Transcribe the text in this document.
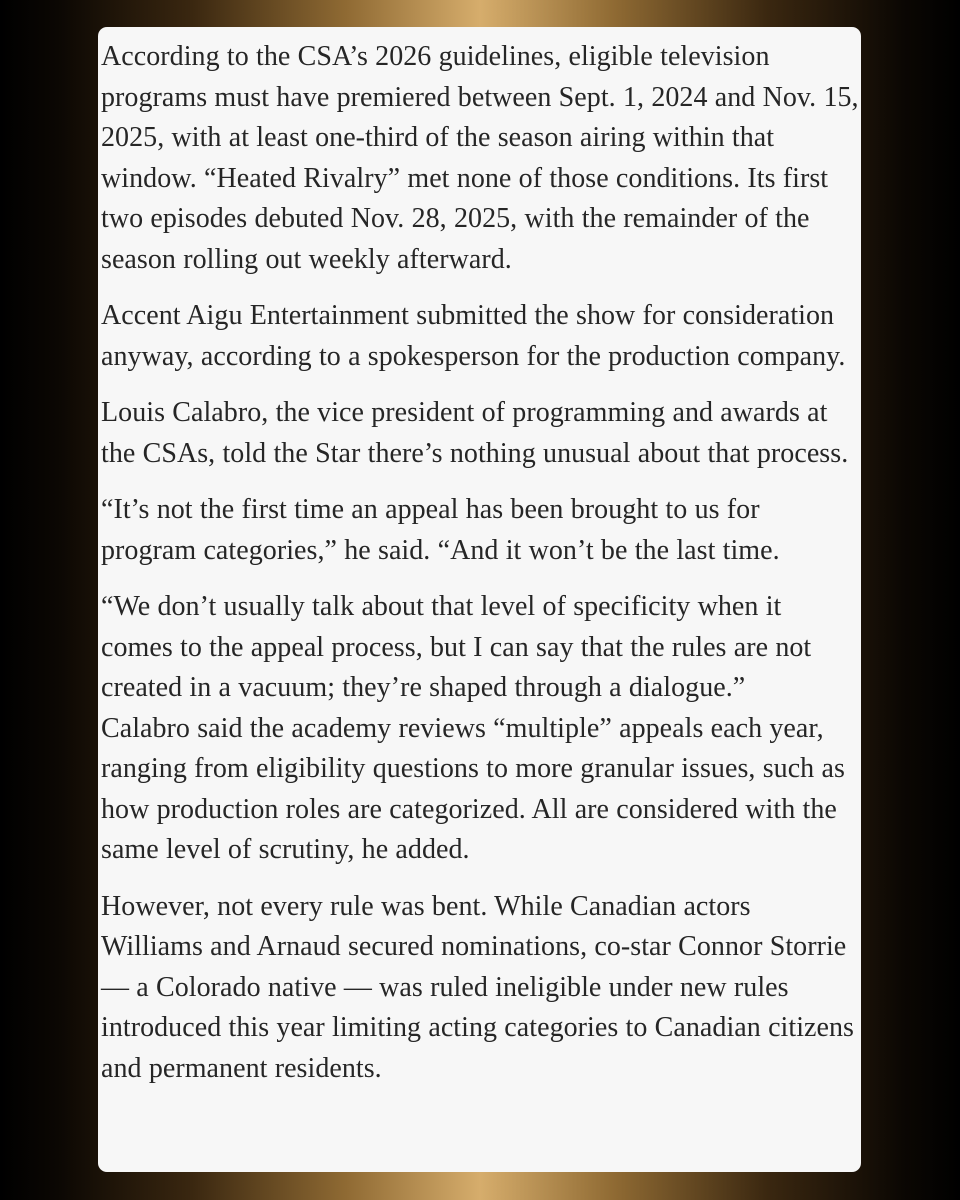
According to the CSA’s 2026 guidelines, eligible television programs must have premiered between Sept. 1, 2024 and Nov. 15, 2025, with at least one-third of the season airing within that window. “Heated Rivalry” met none of those conditions. Its first two episodes debuted Nov. 28, 2025, with the remainder of the season rolling out weekly afterward.

Accent Aigu Entertainment submitted the show for consideration anyway, according to a spokesperson for the production company.

Louis Calabro, the vice president of programming and awards at the CSAs, told the Star there’s nothing unusual about that process.

“It’s not the first time an appeal has been brought to us for program categories,” he said. “And it won’t be the last time.

“We don’t usually talk about that level of specificity when it comes to the appeal process, but I can say that the rules are not created in a vacuum; they’re shaped through a dialogue.”

Calabro said the academy reviews “multiple” appeals each year, ranging from eligibility questions to more granular issues, such as how production roles are categorized. All are considered with the same level of scrutiny, he added.

However, not every rule was bent. While Canadian actors Williams and Arnaud secured nominations, co-star Connor Storrie — a Colorado native — was ruled ineligible under new rules introduced this year limiting acting categories to Canadian citizens and permanent residents.
